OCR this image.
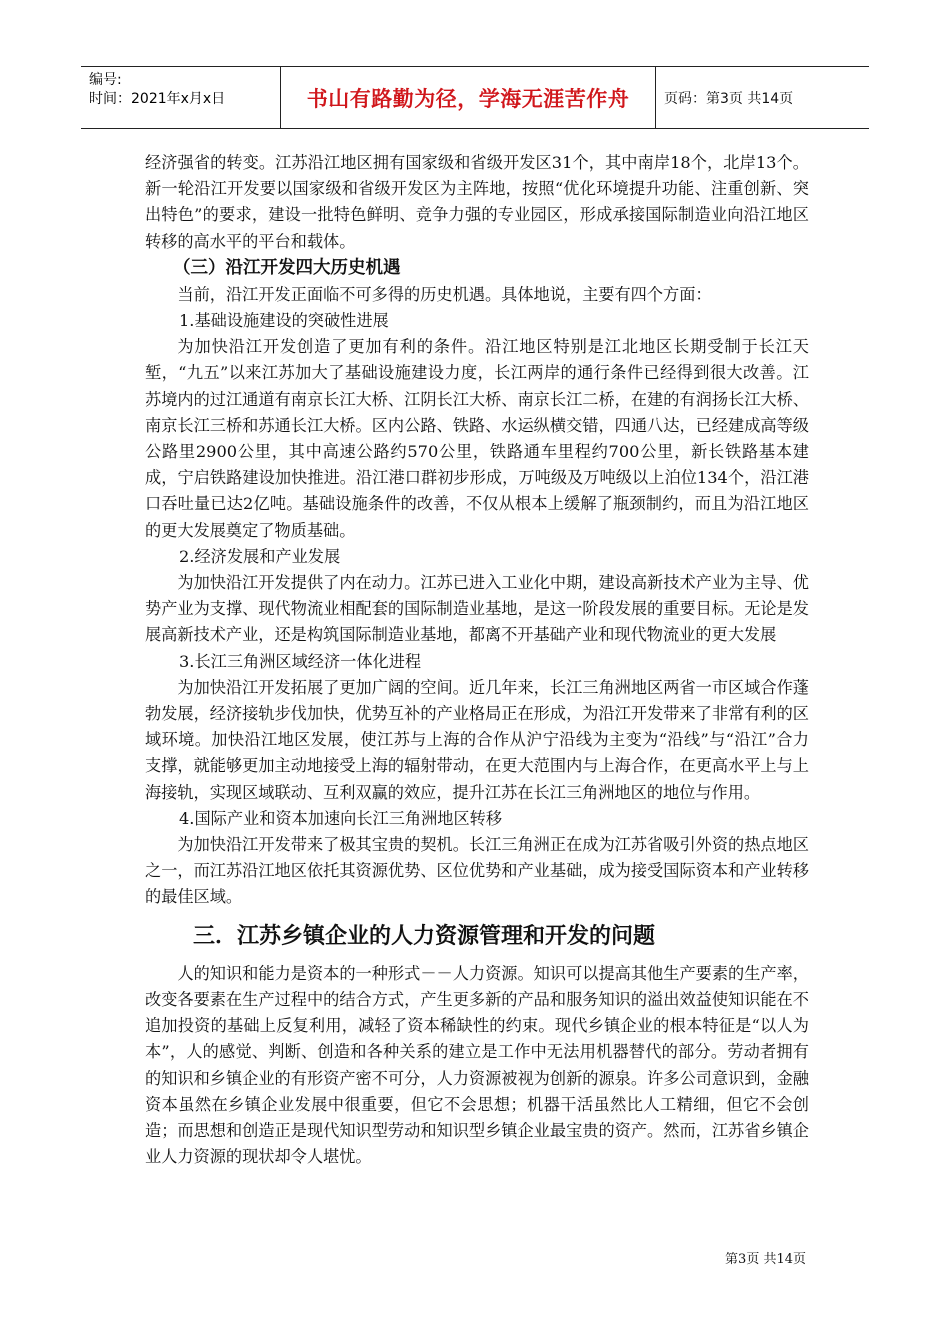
编号:
时间：2021年x月x日	书山有路勤为径，学海无涯苦作舟	页码：第3页 共14页

经济强省的转变。江苏沿江地区拥有国家级和省级开发区31个，其中南岸18个，北岸13个。新一轮沿江开发要以国家级和省级开发区为主阵地，按照“优化环境提升功能、注重创新、突出特色”的要求，建设一批特色鲜明、竞争力强的专业园区，形成承接国际制造业向沿江地区转移的高水平的平台和载体。

（三）沿江开发四大历史机遇

当前，沿江开发正面临不可多得的历史机遇。具体地说，主要有四个方面：

1.基础设施建设的突破性进展

为加快沿江开发创造了更加有利的条件。沿江地区特别是江北地区长期受制于长江天堑，“九五”以来江苏加大了基础设施建设力度，长江两岸的通行条件已经得到很大改善。江苏境内的过江通道有南京长江大桥、江阴长江大桥、南京长江二桥，在建的有润扬长江大桥、南京长江三桥和苏通长江大桥。区内公路、铁路、水运纵横交错，四通八达，已经建成高等级公路里2900公里，其中高速公路约570公里，铁路通车里程约700公里，新长铁路基本建成，宁启铁路建设加快推进。沿江港口群初步形成，万吨级及万吨级以上泊位134个，沿江港口吞吐量已达2亿吨。基础设施条件的改善，不仅从根本上缓解了瓶颈制约，而且为沿江地区的更大发展奠定了物质基础。

2.经济发展和产业发展

为加快沿江开发提供了内在动力。江苏已进入工业化中期，建设高新技术产业为主导、优势产业为支撑、现代物流业相配套的国际制造业基地，是这一阶段发展的重要目标。无论是发展高新技术产业，还是构筑国际制造业基地，都离不开基础产业和现代物流业的更大发展

3.长江三角洲区域经济一体化进程

为加快沿江开发拓展了更加广阔的空间。近几年来，长江三角洲地区两省一市区域合作蓬勃发展，经济接轨步伐加快，优势互补的产业格局正在形成，为沿江开发带来了非常有利的区域环境。加快沿江地区发展，使江苏与上海的合作从沪宁沿线为主变为“沿线”与“沿江”合力支撑，就能够更加主动地接受上海的辐射带动，在更大范围内与上海合作，在更高水平上与上海接轨，实现区域联动、互利双赢的效应，提升江苏在长江三角洲地区的地位与作用。

4.国际产业和资本加速向长江三角洲地区转移

为加快沿江开发带来了极其宝贵的契机。长江三角洲正在成为江苏省吸引外资的热点地区之一，而江苏沿江地区依托其资源优势、区位优势和产业基础，成为接受国际资本和产业转移的最佳区域。

三．江苏乡镇企业的人力资源管理和开发的问题

人的知识和能力是资本的一种形式－－人力资源。知识可以提高其他生产要素的生产率，改变各要素在生产过程中的结合方式，产生更多新的产品和服务知识的溢出效益使知识能在不追加投资的基础上反复利用，减轻了资本稀缺性的约束。现代乡镇企业的根本特征是“以人为本”，人的感觉、判断、创造和各种关系的建立是工作中无法用机器替代的部分。劳动者拥有的知识和乡镇企业的有形资产密不可分，人力资源被视为创新的源泉。许多公司意识到，金融资本虽然在乡镇企业发展中很重要，但它不会思想；机器干活虽然比人工精细，但它不会创造；而思想和创造正是现代知识型劳动和知识型乡镇企业最宝贵的资产。然而，江苏省乡镇企业人力资源的现状却令人堪忧。

第3页 共14页
